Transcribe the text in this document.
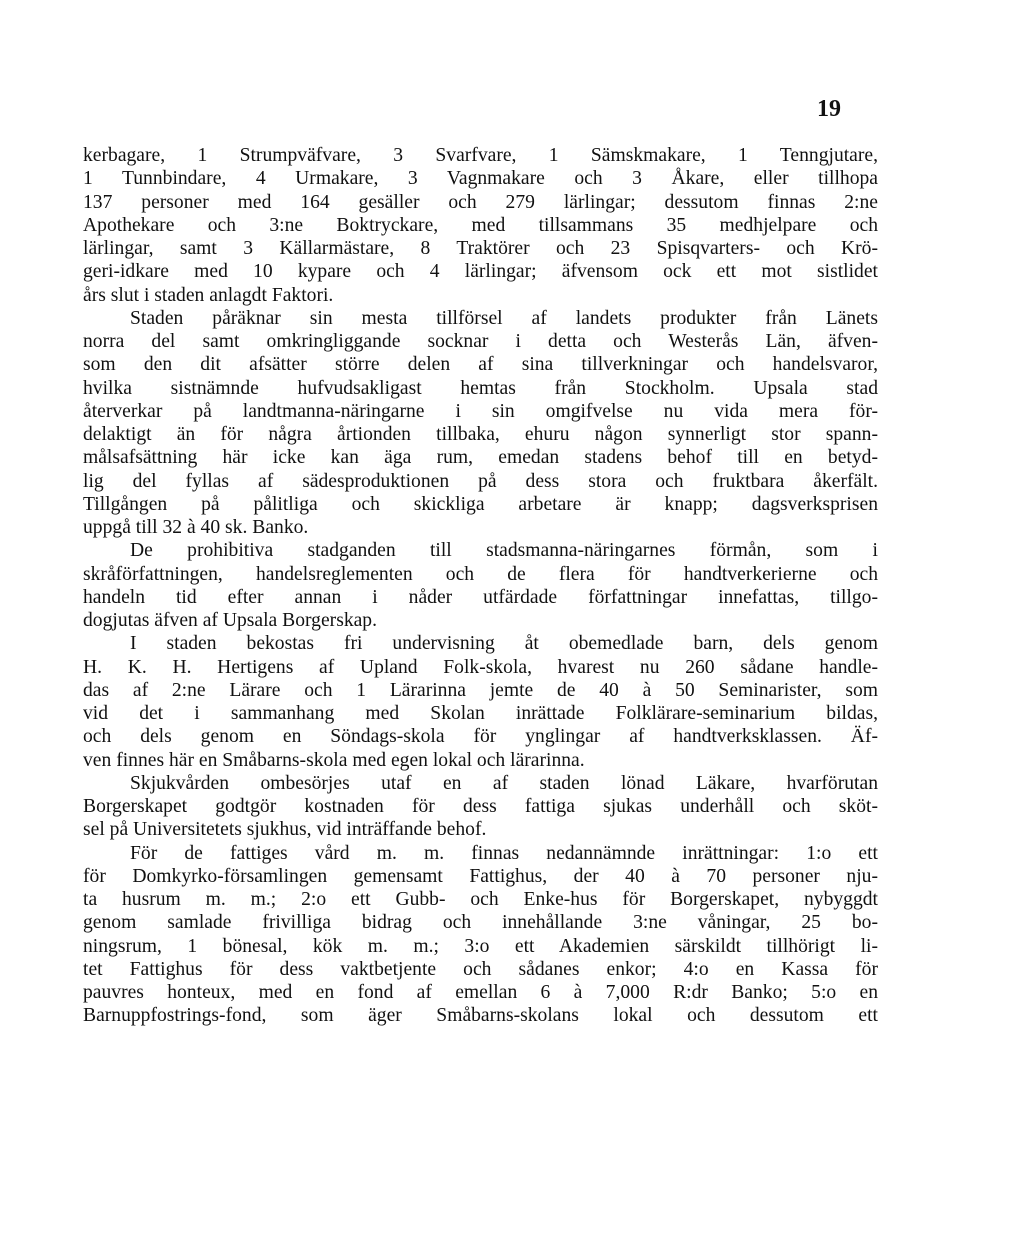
19
kerbagare, 1 Strumpväfvare, 3 Svarfvare, 1 Sämskmakare, 1 Tenngjutare,
1 Tunnbindare, 4 Urmakare, 3 Vagnmakare och 3 Åkare, eller tillhopa
137 personer med 164 gesäller och 279 lärlingar; dessutom finnas 2:ne
Apothekare och 3:ne Boktryckare, med tillsammans 35 medhjelpare och
lärlingar, samt 3 Källarmästare, 8 Traktörer och 23 Spisqvarters- och Krö-
geri-idkare med 10 kypare och 4 lärlingar; äfvensom ock ett mot sistlidet
års slut i staden anlagdt Faktori.
Staden påräknar sin mesta tillförsel af landets produkter från Länets
norra del samt omkringliggande socknar i detta och Westerås Län, äfven-
som den dit afsätter större delen af sina tillverkningar och handelsvaror,
hvilka sistnämnde hufvudsakligast hemtas från Stockholm. Upsala stad
återverkar på landtmanna-näringarne i sin omgifvelse nu vida mera för-
delaktigt än för några årtionden tillbaka, ehuru någon synnerligt stor spann-
målsafsättning här icke kan äga rum, emedan stadens behof till en betyd-
lig del fyllas af sädesproduktionen på dess stora och fruktbara åkerfält.
Tillgången på pålitliga och skickliga arbetare är knapp; dagsverksprisen
uppgå till 32 à 40 sk. Banko.
De prohibitiva stadganden till stadsmanna-näringarnes förmån, som i
skråförfattningen, handelsreglementen och de flera för handtverkerierne och
handeln tid efter annan i nåder utfärdade författningar innefattas, tillgo-
dogjutas äfven af Upsala Borgerskap.
I staden bekostas fri undervisning åt obemedlade barn, dels genom
H. K. H. Hertigens af Upland Folk-skola, hvarest nu 260 sådane handle-
das af 2:ne Lärare och 1 Lärarinna jemte de 40 à 50 Seminarister, som
vid det i sammanhang med Skolan inrättade Folklärare-seminarium bildas,
och dels genom en Söndags-skola för ynglingar af handtverksklassen. Äf-
ven finnes här en Småbarns-skola med egen lokal och lärarinna.
Skjukvården ombesörjes utaf en af staden lönad Läkare, hvarförutan
Borgerskapet godtgör kostnaden för dess fattiga sjukas underhåll och sköt-
sel på Universitetets sjukhus, vid inträffande behof.
För de fattiges vård m. m. finnas nedannämnde inrättningar: 1:o ett
för Domkyrko-församlingen gemensamt Fattighus, der 40 à 70 personer nju-
ta husrum m. m.; 2:o ett Gubb- och Enke-hus för Borgerskapet, nybyggdt
genom samlade frivilliga bidrag och innehållande 3:ne våningar, 25 bo-
ningsrum, 1 bönesal, kök m. m.; 3:o ett Akademien särskildt tillhörigt li-
tet Fattighus för dess vaktbetjente och sådanes enkor; 4:o en Kassa för
pauvres honteux, med en fond af emellan 6 à 7,000 R:dr Banko; 5:o en
Barnuppfostrings-fond, som äger Småbarns-skolans lokal och dessutom ett
